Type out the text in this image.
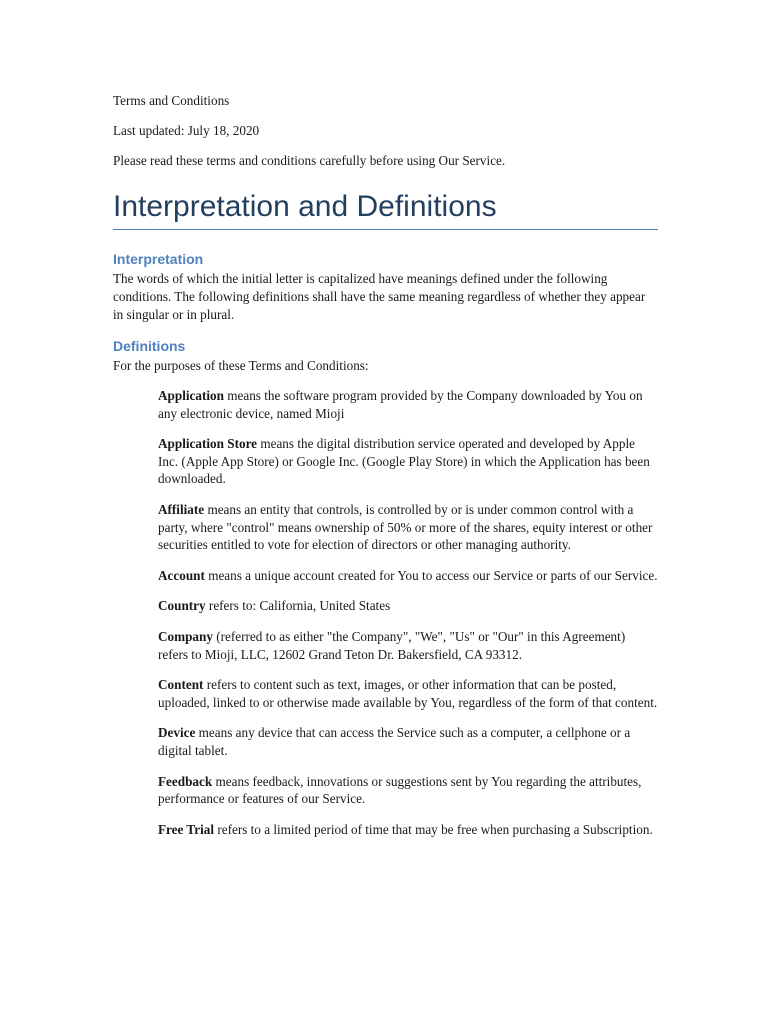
Terms and Conditions

Last updated: July 18, 2020

Please read these terms and conditions carefully before using Our Service.

Interpretation and Definitions
Interpretation

The words of which the initial letter is capitalized have meanings defined under the following conditions. The following definitions shall have the same meaning regardless of whether they appear in singular or in plural.

Definitions

For the purposes of these Terms and Conditions:

Application means the software program provided by the Company downloaded by You on any electronic device, named Mioji
Application Store means the digital distribution service operated and developed by Apple Inc. (Apple App Store) or Google Inc. (Google Play Store) in which the Application has been downloaded.
Affiliate means an entity that controls, is controlled by or is under common control with a party, where "control" means ownership of 50% or more of the shares, equity interest or other securities entitled to vote for election of directors or other managing authority.
Account means a unique account created for You to access our Service or parts of our Service.
Country refers to: California, United States
Company (referred to as either "the Company", "We", "Us" or "Our" in this Agreement) refers to Mioji, LLC, 12602 Grand Teton Dr. Bakersfield, CA 93312.
Content refers to content such as text, images, or other information that can be posted, uploaded, linked to or otherwise made available by You, regardless of the form of that content.
Device means any device that can access the Service such as a computer, a cellphone or a digital tablet.
Feedback means feedback, innovations or suggestions sent by You regarding the attributes, performance or features of our Service.
Free Trial refers to a limited period of time that may be free when purchasing a Subscription.
